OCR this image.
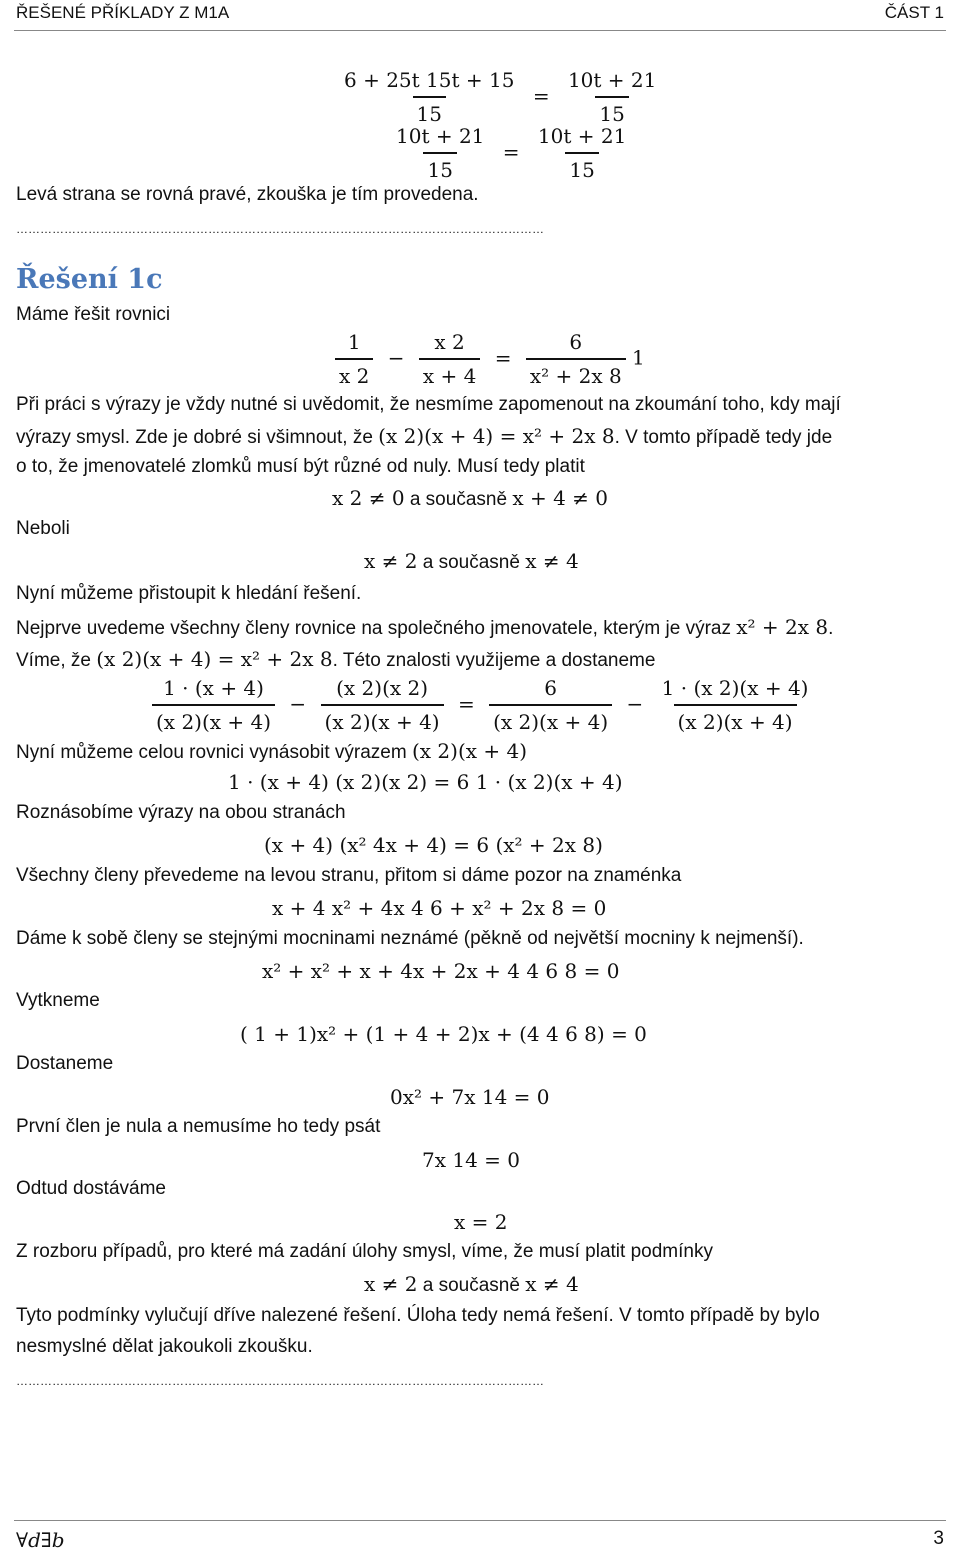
ŘEŠENÉ PŘÍKLADY Z M1A	ČÁST 1
$\frac{6 + 25t 15t + 15}{15} = \frac{10t + 21}{15}$
$\frac{10t + 21}{15} = \frac{10t + 21}{15}$
Levá strana se rovná pravé, zkouška je tím provedena.
……………………………………………………………………………………………………………………
Řešení 1c
Máme řešit rovnici
$\frac{1}{x 2} - \frac{x 2}{x + 4} = \frac{6}{\text{x² + 2x 8}} 1$
Při práci s výrazy je vždy nutné si uvědomit, že nesmíme zapomenout na zkoumání toho, kdy mají
výrazy smysl. Zde je dobré si všimnout, že (x 2)(x + 4) = x² + 2x 8. V tomto případě tedy jde
o to, že jmenovatelé zlomků musí být různé od nuly. Musí tedy platit
x 2 ≠ 0 a současně x + 4 ≠ 0
Neboli
x ≠ 2 a současně x ≠ 4
Nyní můžeme přistoupit k hledání řešení.
Nejprve uvedeme všechny členy rovnice na společného jmenovatele, kterým je výraz x² + 2x 8.
Víme, že (x 2)(x + 4) = x² + 2x 8. Této znalosti využijeme a dostaneme
$\frac{1 \cdot (x + 4)}{(x 2)(x + 4)} - \frac{(x 2)(x 2)}{(x 2)(x + 4)} = \frac{6}{(x 2)(x + 4)} - \frac{1 \cdot (x 2)(x + 4)}{(x 2)(x + 4)}$
Nyní můžeme celou rovnici vynásobit výrazem (x 2)(x + 4)
1 · (x + 4) (x 2)(x 2) = 6 1 · (x 2)(x + 4)
Roznásobíme výrazy na obou stranách
(x + 4) (x² 4x + 4) = 6 (x² + 2x 8)
Všechny členy převedeme na levou stranu, přitom si dáme pozor na znaménka
x + 4 x² + 4x 4 6 + x² + 2x 8 = 0
Dáme k sobě členy se stejnými mocninami neznámé (pěkně od největší mocniny k nejmenší).
x² + x² + x + 4x + 2x + 4 4 6 8 = 0
Vytkneme
( 1 + 1)x² + (1 + 4 + 2)x + (4 4 6 8) = 0
Dostaneme
0x² + 7x 14 = 0
První člen je nula a nemusíme ho tedy psát
7x 14 = 0
Odtud dostáváme
x = 2
Z rozboru případů, pro které má zadání úlohy smysl, víme, že musí platit podmínky
x ≠ 2 a současně x ≠ 4
Tyto podmínky vylučují dříve nalezené řešení. Úloha tedy nemá řešení. V tomto případě by bylo
nesmyslné dělat jakoukoli zkoušku.
……………………………………………………………………………………………………………………
∀d∃b	3
